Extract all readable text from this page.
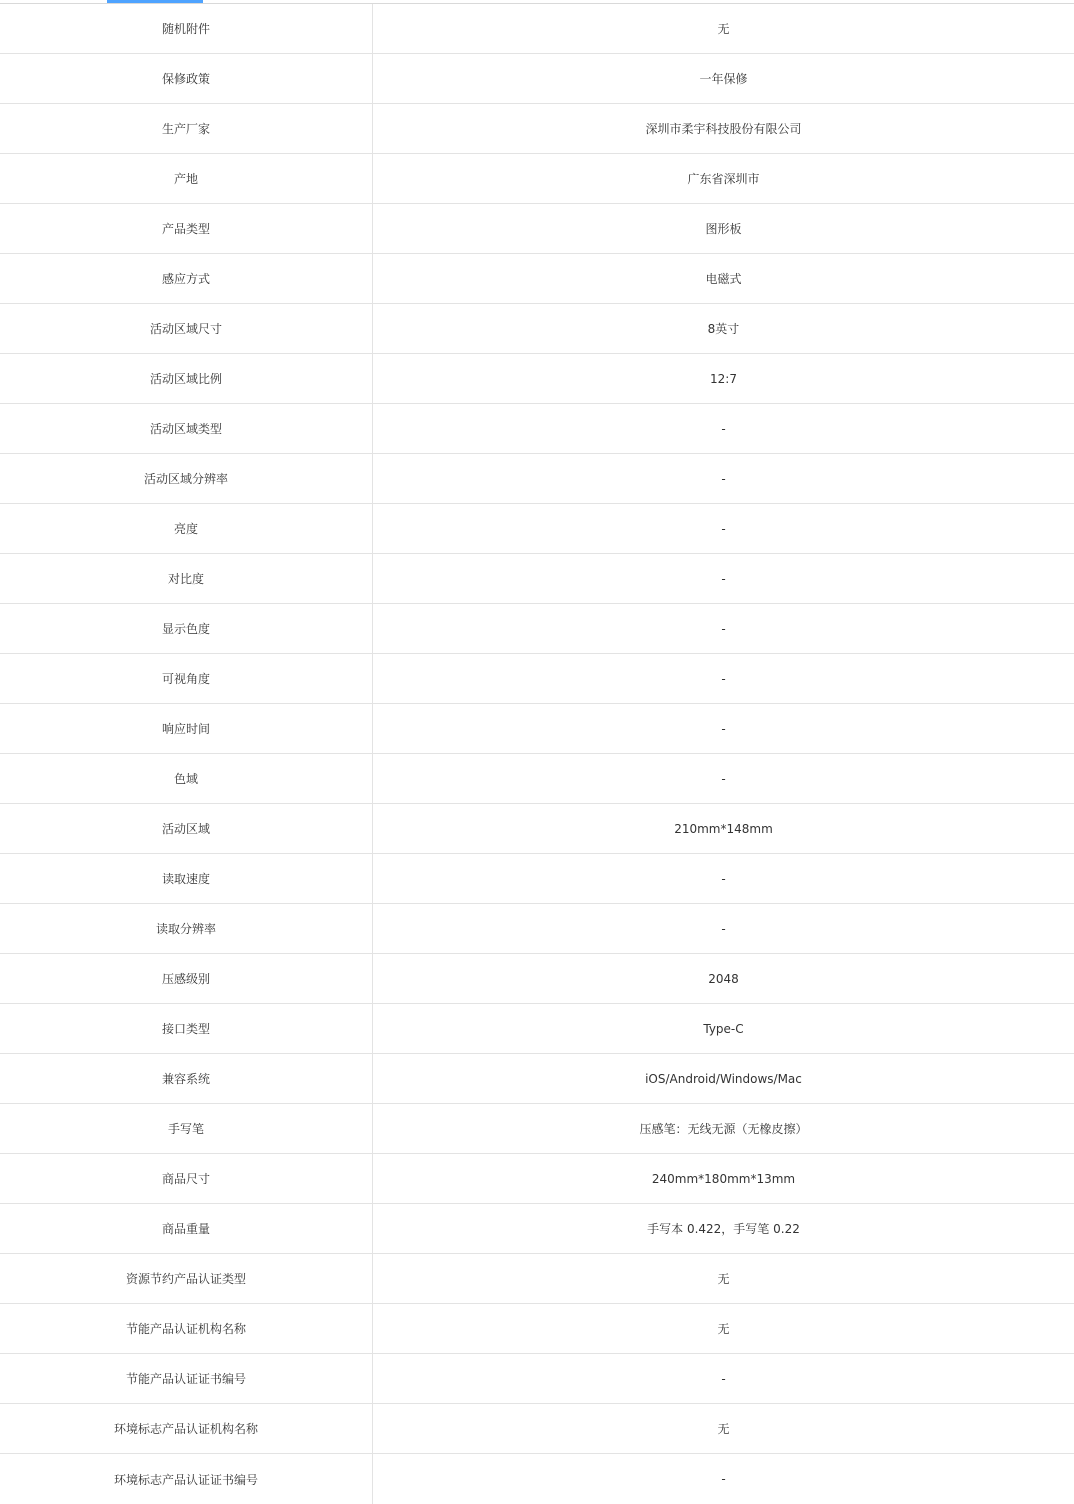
随机附件	无
保修政策	一年保修
生产厂家	深圳市柔宇科技股份有限公司
产地	广东省深圳市
产品类型	图形板
感应方式	电磁式
活动区域尺寸	8英寸
活动区域比例	12:7
活动区域类型	-
活动区域分辨率	-
亮度	-
对比度	-
显示色度	-
可视角度	-
响应时间	-
色域	-
活动区域	210mm*148mm
读取速度	-
读取分辨率	-
压感级别	2048
接口类型	Type-C
兼容系统	iOS/Android/Windows/Mac
手写笔	压感笔：无线无源（无橡皮擦）
商品尺寸	240mm*180mm*13mm
商品重量	手写本 0.422，手写笔 0.22
资源节约产品认证类型	无
节能产品认证机构名称	无
节能产品认证证书编号	-
环境标志产品认证机构名称	无
环境标志产品认证证书编号	-
